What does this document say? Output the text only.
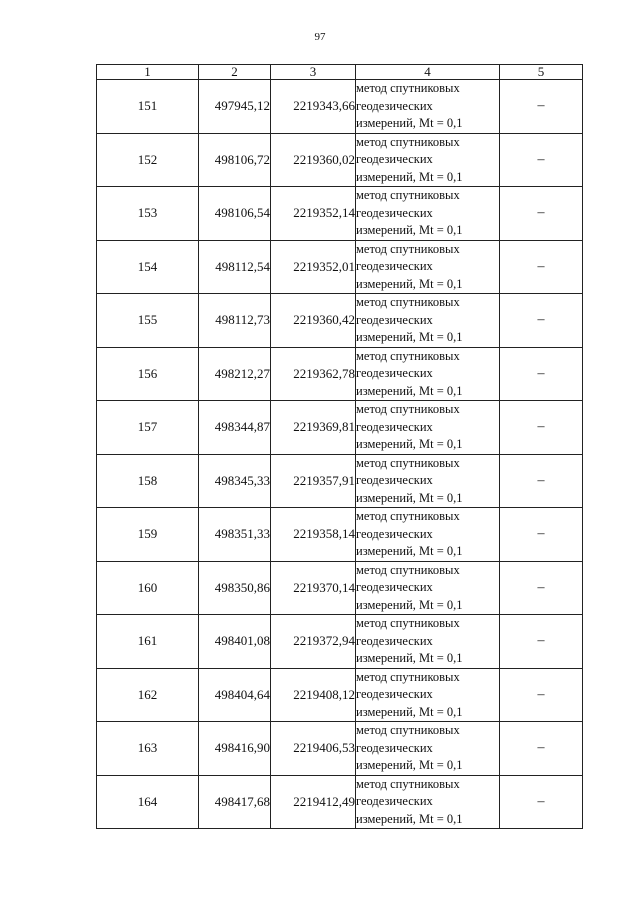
97
1	2	3	4	5
151	497945,12	2219343,66	метод спутниковых
геодезических
измерений, Mt = 0,1	–
152	498106,72	2219360,02	метод спутниковых
геодезических
измерений, Mt = 0,1	–
153	498106,54	2219352,14	метод спутниковых
геодезических
измерений, Mt = 0,1	–
154	498112,54	2219352,01	метод спутниковых
геодезических
измерений, Mt = 0,1	–
155	498112,73	2219360,42	метод спутниковых
геодезических
измерений, Mt = 0,1	–
156	498212,27	2219362,78	метод спутниковых
геодезических
измерений, Mt = 0,1	–
157	498344,87	2219369,81	метод спутниковых
геодезических
измерений, Mt = 0,1	–
158	498345,33	2219357,91	метод спутниковых
геодезических
измерений, Mt = 0,1	–
159	498351,33	2219358,14	метод спутниковых
геодезических
измерений, Mt = 0,1	–
160	498350,86	2219370,14	метод спутниковых
геодезических
измерений, Mt = 0,1	–
161	498401,08	2219372,94	метод спутниковых
геодезических
измерений, Mt = 0,1	–
162	498404,64	2219408,12	метод спутниковых
геодезических
измерений, Mt = 0,1	–
163	498416,90	2219406,53	метод спутниковых
геодезических
измерений, Mt = 0,1	–
164	498417,68	2219412,49	метод спутниковых
геодезических
измерений, Mt = 0,1	–
